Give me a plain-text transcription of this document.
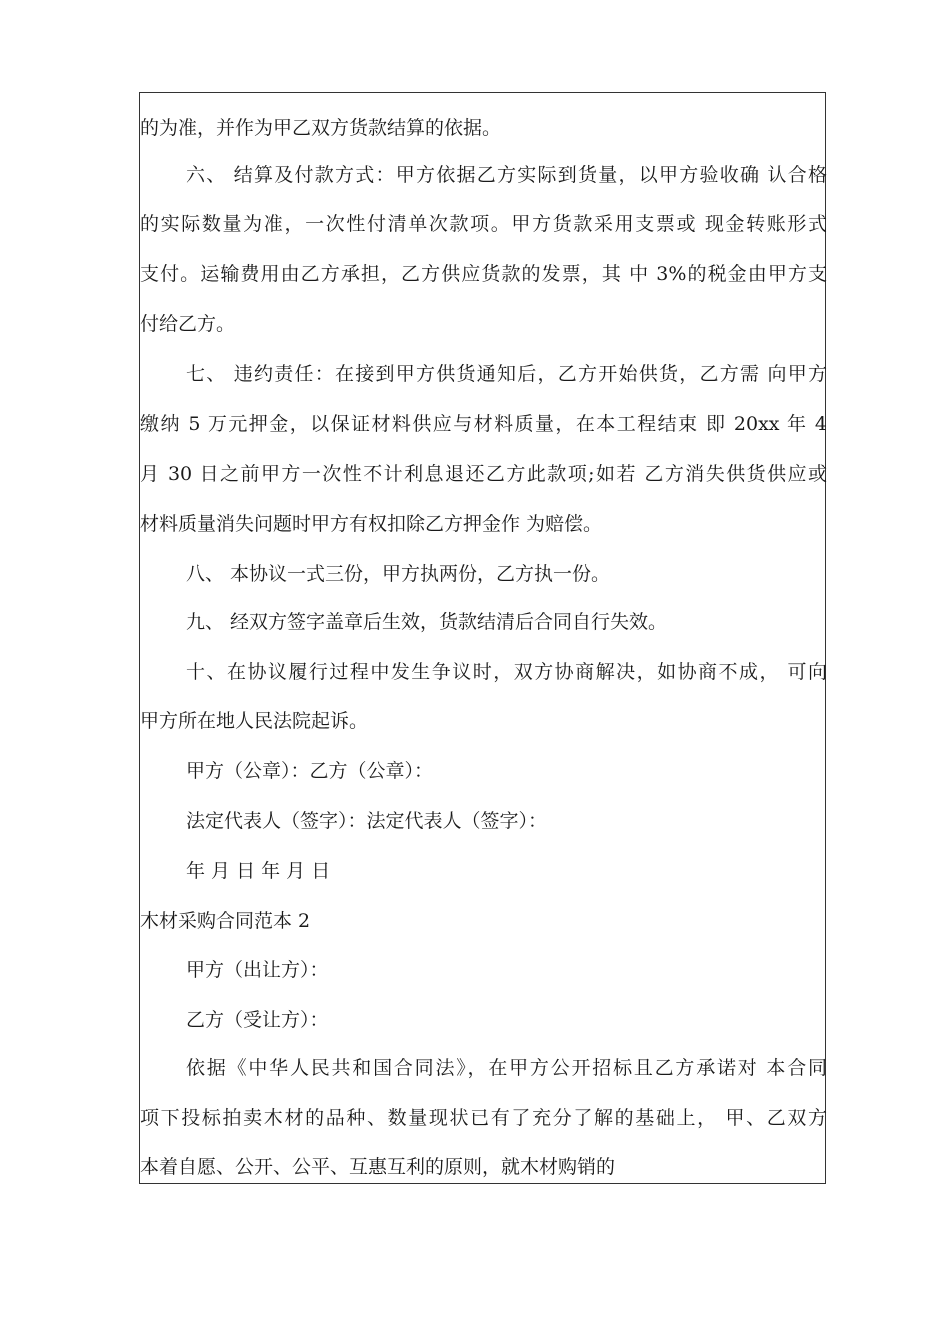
的为准，并作为甲乙双方货款结算的依据。
六、 结算及付款方式：甲方依据乙方实际到货量，以甲方验收确 认合格
的实际数量为准，一次性付清单次款项。甲方货款采用支票或 现金转账形式
支付。运输费用由乙方承担，乙方供应货款的发票，其 中 3%的税金由甲方支
付给乙方。
七、 违约责任：在接到甲方供货通知后，乙方开始供货，乙方需 向甲方
缴纳 5 万元押金，以保证材料供应与材料质量，在本工程结束 即 20xx 年 4
月 30 日之前甲方一次性不计利息退还乙方此款项;如若 乙方消失供货供应或
材料质量消失问题时甲方有权扣除乙方押金作 为赔偿。
八、 本协议一式三份，甲方执两份，乙方执一份。
九、 经双方签字盖章后生效，货款结清后合同自行失效。
十、在协议履行过程中发生争议时，双方协商解决，如协商不成， 可向
甲方所在地人民法院起诉。
甲方（公章）：乙方（公章）：
法定代表人（签字）：法定代表人（签字）：
年 月 日 年 月 日
木材采购合同范本 2
甲方（出让方）：
乙方（受让方）：
依据《中华人民共和国合同法》，在甲方公开招标且乙方承诺对 本合同
项下投标拍卖木材的品种、数量现状已有了充分了解的基础上， 甲、乙双方
本着自愿、公开、公平、互惠互利的原则，就木材购销的
